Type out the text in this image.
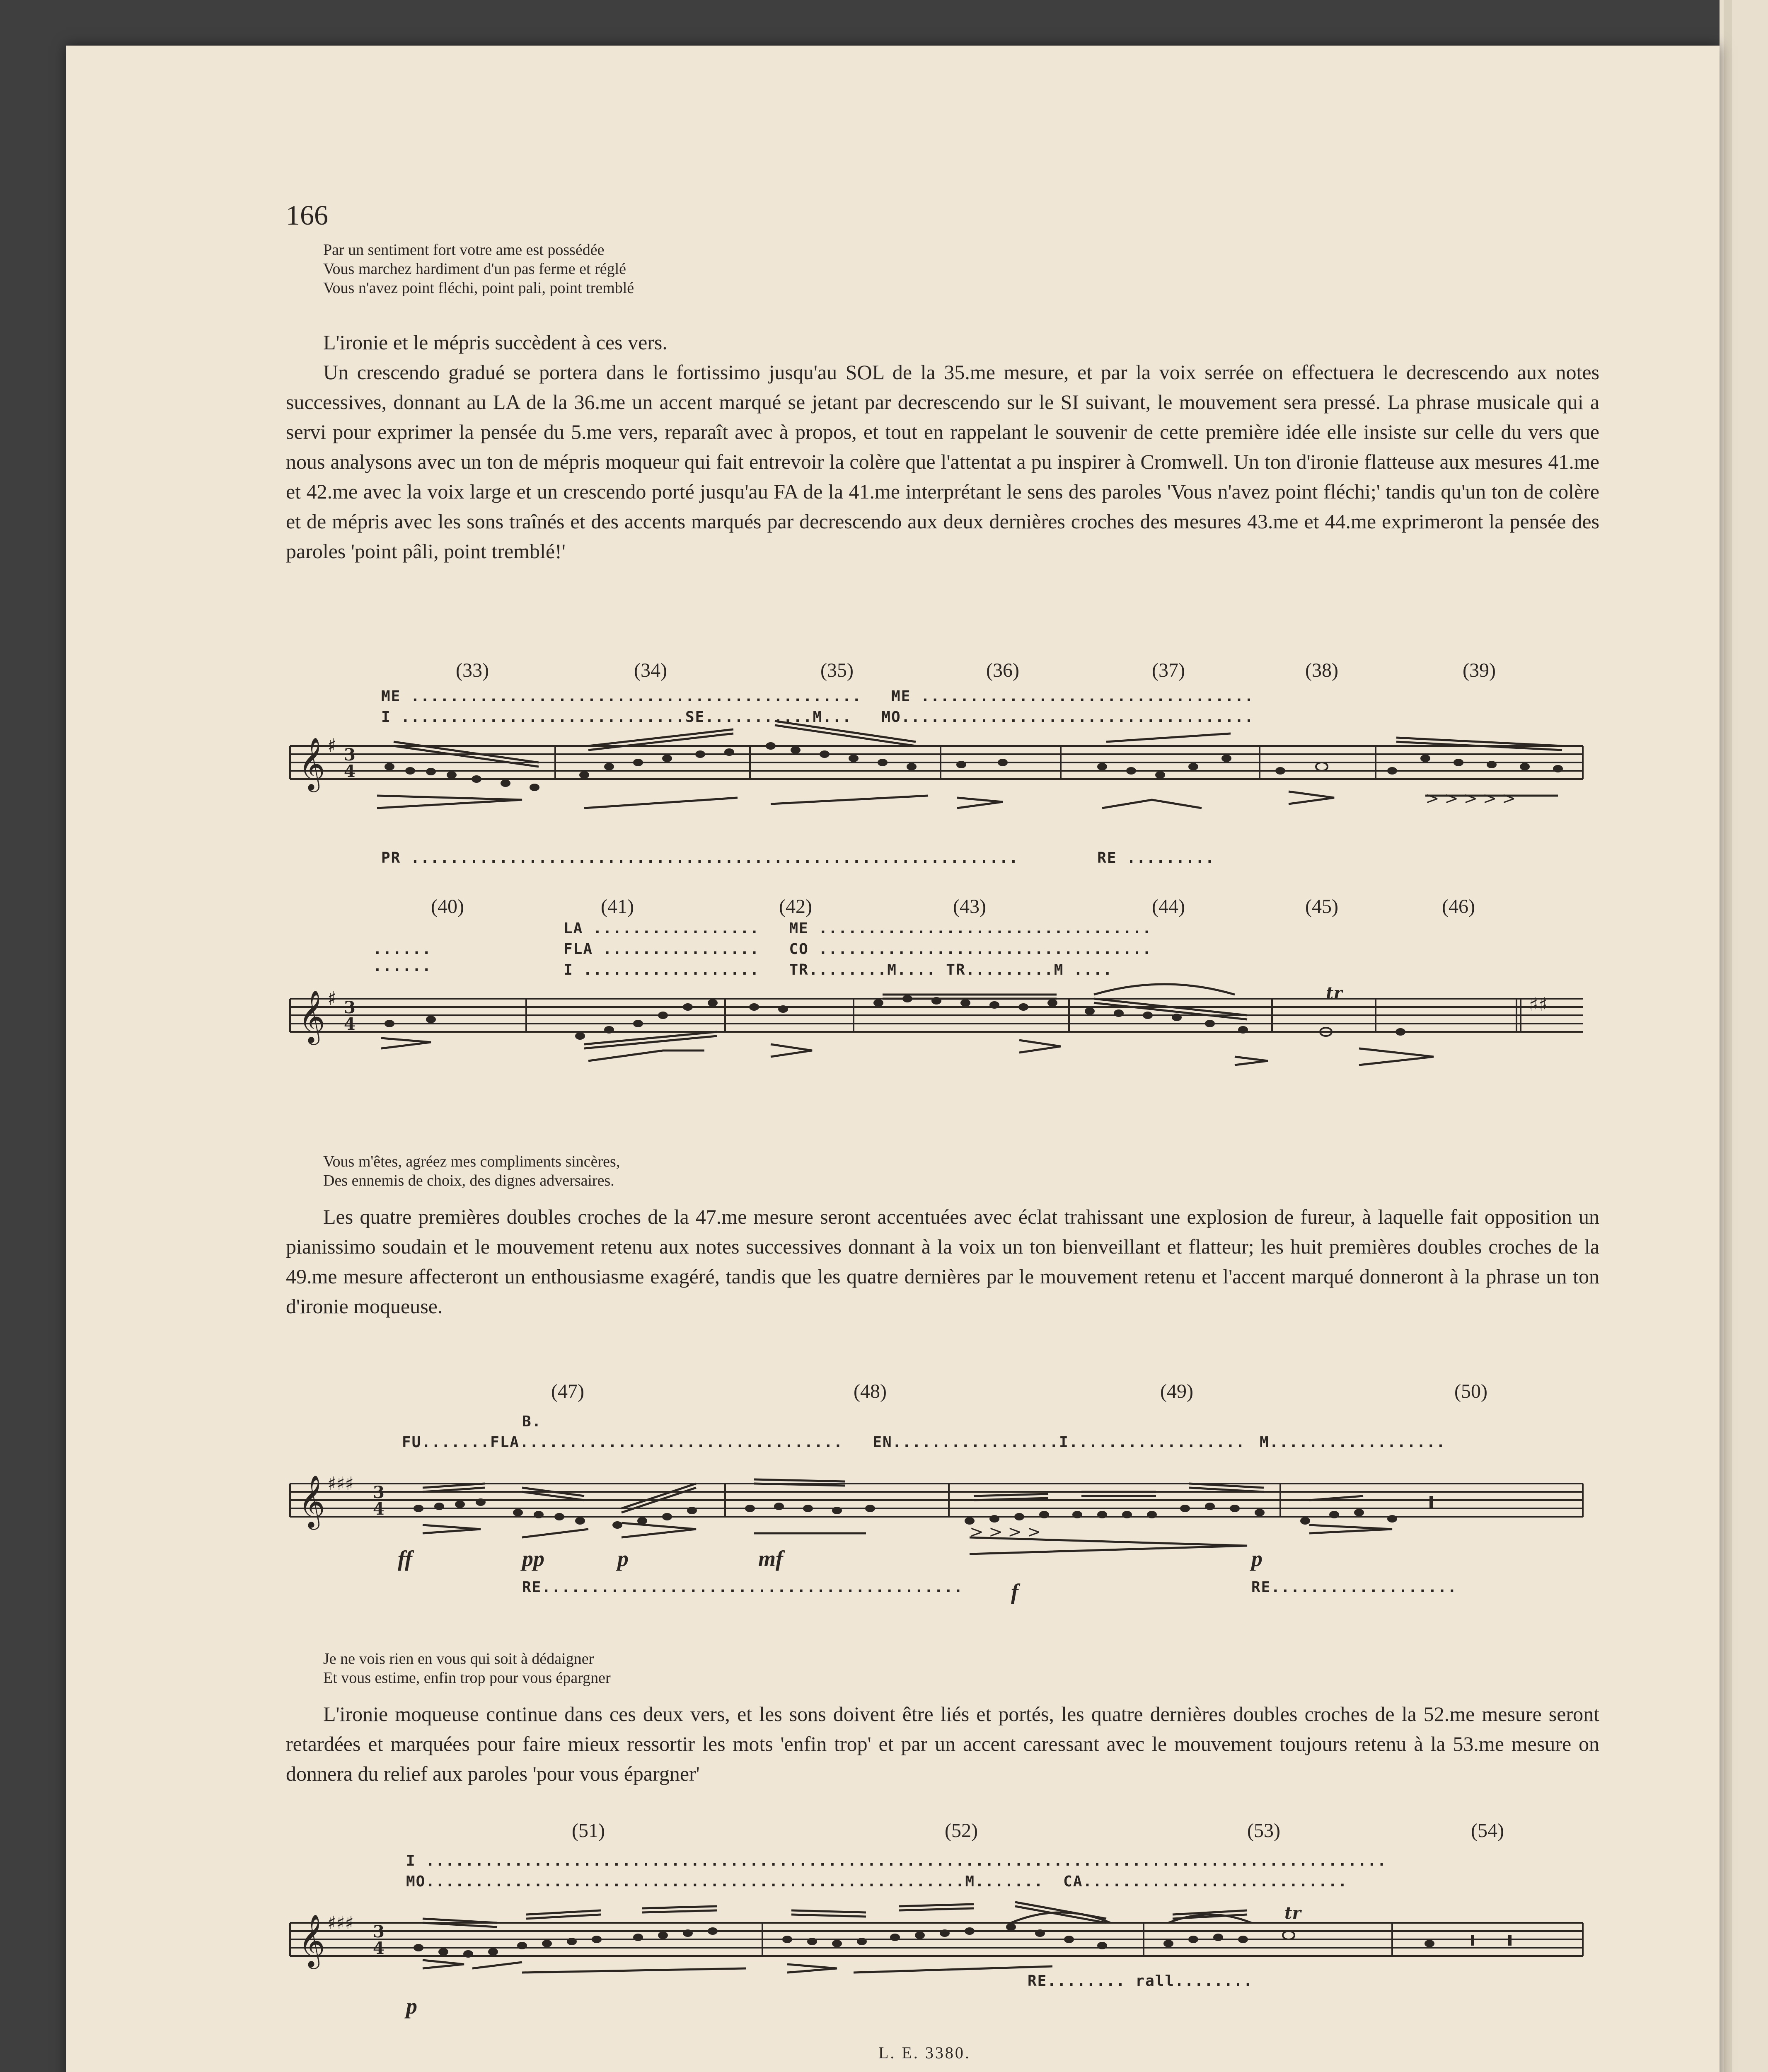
166
Par un sentiment fort votre ame est possédée
Vous marchez hardiment d'un pas ferme et réglé
Vous n'avez point fléchi, point pali, point tremblé

L'ironie et le mépris succèdent à ces vers.

Un crescendo gradué se portera dans le fortissimo jusqu'au SOL de la 35.me mesure, et par la voix serrée on effectuera le decrescendo aux notes successives, donnant au LA de la 36.me un accent marqué se jetant par decrescendo sur le SI suivant, le mouvement sera pressé. La phrase musicale qui a servi pour exprimer la pensée du 5.me vers, reparaît avec à propos, et tout en rappelant le souvenir de cette première idée elle insiste sur celle du vers que nous analysons avec un ton de mépris moqueur qui fait entrevoir la colère que l'attentat a pu inspirer à Cromwell. Un ton d'ironie flatteuse aux mesures 41.me et 42.me avec la voix large et un crescendo porté jusqu'au FA de la 41.me interprétant le sens des paroles 'Vous n'avez point fléchi;' tandis qu'un ton de colère et de mépris avec les sons traînés et des accents marqués par decrescendo aux deux dernières croches des mesures 43.me et 44.me exprimeront la pensée des paroles 'point pâli, point tremblé!'

(33)	(34)	(35)	(36)	(37)	(38)	(39)
ME ..............................................   ME ..................................
I .............................SE...........M...   MO....................................
PR ..............................................................        RE .........
𝄞 ♯ 3
4
> > > > >
(40)	(41)	(42)	(43)	(44)	(45)	(46)
LA .................   ME ..................................
FLA ................   CO ..................................
I ..................   TR........M.... TR.........M ....
......
......
𝄞 ♯ 3
4
♯♯
tr
Vous m'êtes, agréez mes compliments sincères,
Des ennemis de choix, des dignes adversaires.

Les quatre premières doubles croches de la 47.me mesure seront accentuées avec éclat trahissant une explosion de fureur, à laquelle fait opposition un pianissimo soudain et le mouvement retenu aux notes successives donnant à la voix un ton bienveillant et flatteur; les huit premières doubles croches de la 49.me mesure affecteront un enthousiasme exagéré, tandis que les quatre dernières par le mouvement retenu et l'accent marqué donneront à la phrase un ton d'ironie moqueuse.

(47)	(48)	(49)	(50)
B.
FU.......FLA.................................   EN.................I.................. M..................
ff	pp	p	mf
f
p
RE...........................................	RE...................
𝄞 ♯♯♯ 3
4
> > > >
Je ne vois rien en vous qui soit à dédaigner
Et vous estime, enfin trop pour vous épargner

L'ironie moqueuse continue dans ces deux vers, et les sons doivent être liés et portés, les quatre dernières doubles croches de la 52.me mesure seront retardées et marquées pour faire mieux ressortir les mots 'enfin trop' et par un accent caressant avec le mouvement toujours retenu à la 53.me mesure on donnera du relief aux paroles 'pour vous épargner'

(51)	(52)	(53)	(54)
I ..................................................................................................
MO.......................................................M.......  CA...........................
p
RE........ rall........
𝄞 ♯♯♯ 3
4
tr
L. E. 3380.
